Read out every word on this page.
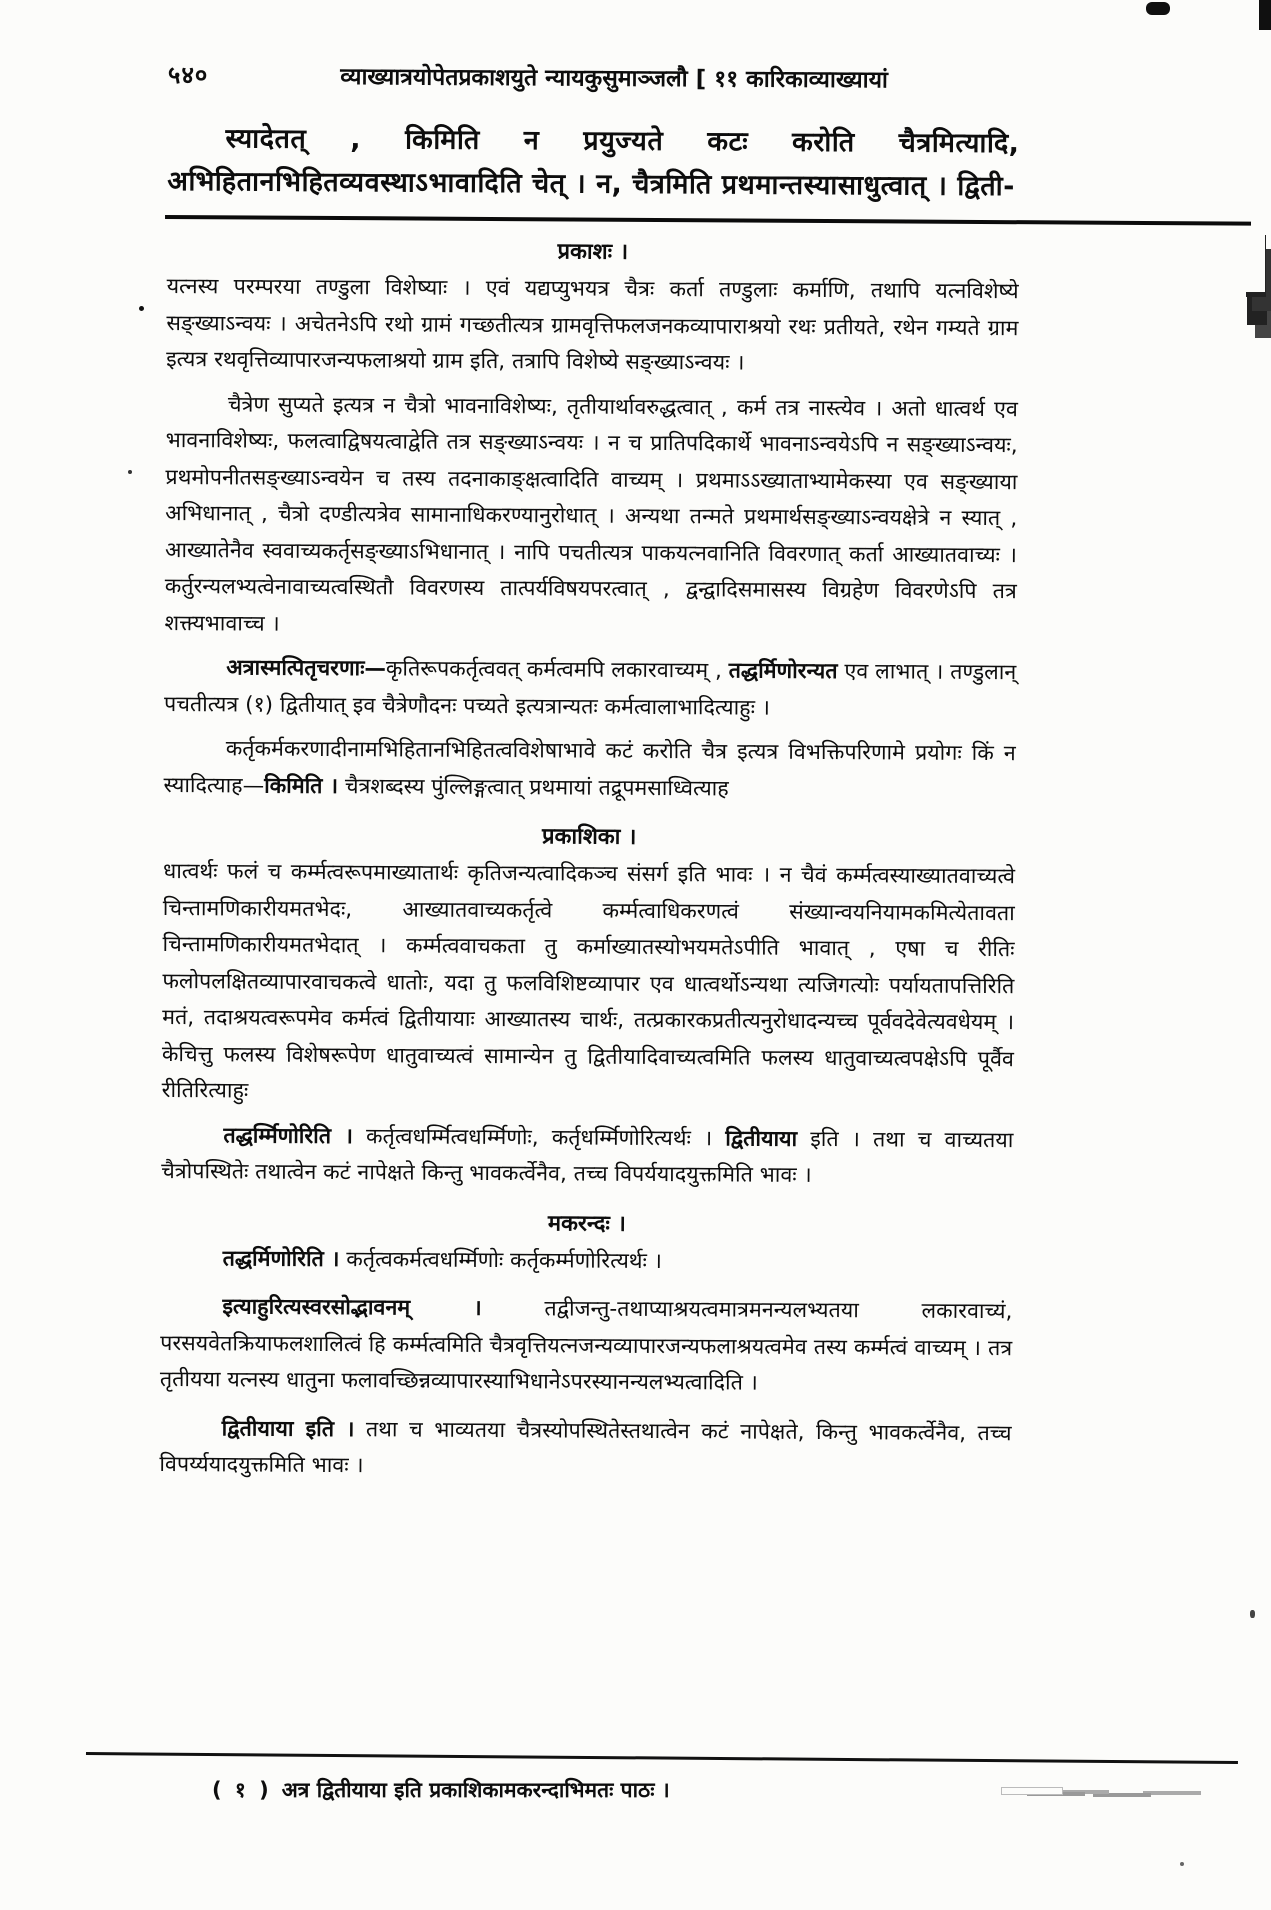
५४०	व्याख्यात्रयोपेतप्रकाशयुते न्यायकुसुमाञ्जलौ [ ११ कारिकाव्याख्यायां
स्यादेतत् , किमिति न प्रयुज्यते कटः करोति चैत्रमित्यादि, अभिहितानभिहितव्यवस्थाऽभावादिति चेत् । न, चैत्रमिति प्रथमान्तस्यासाधुत्वात् । द्विती-
प्रकाशः ।

यत्नस्य परम्परया तण्डुला विशेष्याः । एवं यद्यप्युभयत्र चैत्रः कर्ता तण्डुलाः कर्माणि, तथापि यत्नविशेष्ये सङ्ख्याऽन्वयः । अचेतनेऽपि रथो ग्रामं गच्छतीत्यत्र ग्रामवृत्तिफलजनकव्यापाराश्रयो रथः प्रतीयते, रथेन गम्यते ग्राम इत्यत्र रथवृत्तिव्यापारजन्यफलाश्रयो ग्राम इति, तत्रापि विशेष्ये सङ्ख्याऽन्वयः ।

चैत्रेण सुप्यते इत्यत्र न चैत्रो भावनाविशेष्यः, तृतीयार्थावरुद्धत्वात् , कर्म तत्र नास्त्येव । अतो धात्वर्थ एव भावनाविशेष्यः, फलत्वाद्विषयत्वाद्वेति तत्र सङ्ख्याऽन्वयः । न च प्रातिपदिकार्थे भावनाऽन्वयेऽपि न सङ्ख्याऽन्वयः, प्रथमोपनीतसङ्ख्याऽन्वयेन च तस्य तदनाकाङ्क्षत्वादिति वाच्यम् । प्रथमाऽऽख्याताभ्यामेकस्या एव सङ्ख्याया अभिधानात् , चैत्रो दण्डीत्यत्रेव सामानाधिकरण्यानुरोधात् । अन्यथा तन्मते प्रथमार्थसङ्ख्याऽन्वयक्षेत्रे न स्यात् , आख्यातेनैव स्ववाच्यकर्तृसङ्ख्याऽभिधानात् । नापि पचतीत्यत्र पाकयत्नवानिति विवरणात् कर्ता आख्यातवाच्यः । कर्तुरन्यलभ्यत्वेनावाच्यत्वस्थितौ विवरणस्य तात्पर्यविषयपरत्वात् , द्वन्द्वादिसमासस्य विग्रहेण विवरणेऽपि तत्र शक्त्यभावाच्च ।

अत्रास्मत्पितृचरणाः—कृतिरूपकर्तृत्ववत् कर्मत्वमपि लकारवाच्यम् , तद्धर्मिणोरन्यत एव लाभात् । तण्डुलान् पचतीत्यत्र (१) द्वितीयात् इव चैत्रेणौदनः पच्यते इत्यत्रान्यतः कर्मत्वालाभादित्याहुः ।

कर्तृकर्मकरणादीनामभिहितानभिहितत्वविशेषाभावे कटं करोति चैत्र इत्यत्र विभक्तिपरिणामे प्रयोगः किं न स्यादित्याह—किमिति । चैत्रशब्दस्य पुंल्लिङ्गत्वात् प्रथमायां तद्रूपमसाध्वित्याह

प्रकाशिका ।

धात्वर्थः फलं च कर्म्मत्वरूपमाख्यातार्थः कृतिजन्यत्वादिकञ्च संसर्ग इति भावः । न चैवं कर्म्मत्वस्याख्यातवाच्यत्वे चिन्तामणिकारीयमतभेदः, आख्यातवाच्यकर्तृत्वे कर्म्मत्वाधिकरणत्वं संख्यान्वयनियामकमित्येतावता चिन्तामणिकारीयमतभेदात् । कर्म्मत्ववाचकता तु कर्माख्यातस्योभयमतेऽपीति भावात् , एषा च रीतिः फलोपलक्षितव्यापारवाचकत्वे धातोः, यदा तु फलविशिष्टव्यापार एव धात्वर्थोऽन्यथा त्यजिगत्योः पर्यायतापत्तिरिति मतं, तदाश्रयत्वरूपमेव कर्मत्वं द्वितीयायाः आख्यातस्य चार्थः, तत्प्रकारकप्रतीत्यनुरोधादन्यच्च पूर्ववदेवेत्यवधेयम् । केचित्तु फलस्य विशेषरूपेण धातुवाच्यत्वं सामान्येन तु द्वितीयादिवाच्यत्वमिति फलस्य धातुवाच्यत्वपक्षेऽपि पूर्वैव रीतिरित्याहुः

तद्धर्म्मिणोरिति । कर्तृत्वधर्म्मित्वधर्म्मिणोः, कर्तृधर्म्मिणोरित्यर्थः । द्वितीयाया इति । तथा च वाच्यतया चैत्रोपस्थितेः तथात्वेन कटं नापेक्षते किन्तु भावकर्त्वेनैव, तच्च विपर्ययादयुक्तमिति भावः ।

मकरन्दः ।

तद्धर्मिणोरिति । कर्तृत्वकर्मत्वधर्म्मिणोः कर्तृकर्म्मणोरित्यर्थः ।

इत्याहुरित्यस्वरसोद्भावनम् । तद्वीजन्तु-तथाप्याश्रयत्वमात्रमनन्यलभ्यतया लकारवाच्यं, परसयवेतक्रियाफलशालित्वं हि कर्म्मत्वमिति चैत्रवृत्तियत्नजन्यव्यापारजन्यफलाश्रयत्वमेव तस्य कर्म्मत्वं वाच्यम् । तत्र तृतीयया यत्नस्य धातुना फलावच्छिन्नव्यापारस्याभिधानेऽपरस्यानन्यलभ्यत्वादिति ।

द्वितीयाया इति । तथा च भाव्यतया चैत्रस्योपस्थितेस्तथात्वेन कटं नापेक्षते, किन्तु भावकर्त्वेनैव, तच्च विपर्य्ययादयुक्तमिति भावः ।

( १ ) अत्र द्वितीयाया इति प्रकाशिकामकरन्दाभिमतः पाठः ।
